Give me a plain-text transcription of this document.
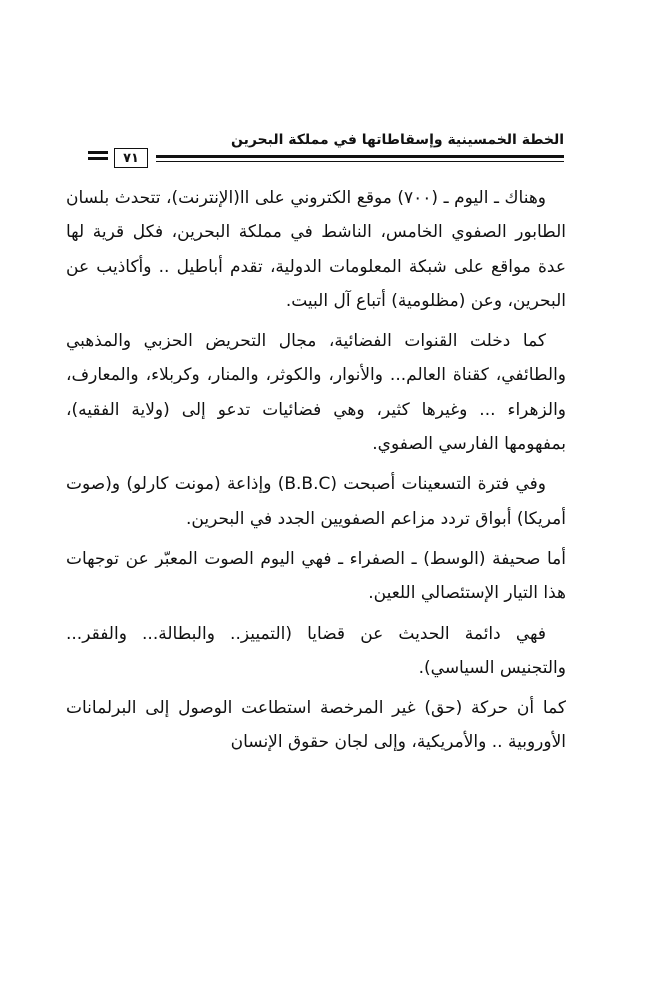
٧١
الخطة الخمسينية وإسقاطاتها في مملكة البحرين

وهناك ـ اليوم ـ (٧٠٠) موقع الكتروني على اا(الإنترنت)، تتحدث بلسان الطابور الصفوي الخامس، الناشط في مملكة البحرين، فكل قرية لها عدة مواقع على شبكة المعلومات الدولية، تقدم أباطيل .. وأكاذيب عن البحرين، وعن (مظلومية) أتباع آل البيت.

كما دخلت القنوات الفضائية، مجال التحريض الحزبي والمذهبي والطائفي، كقناة العالم... والأنوار، والكوثر، والمنار، وكربلاء، والمعارف، والزهراء ... وغيرها كثير، وهي فضائيات تدعو إلى (ولاية الفقيه)، بمفهومها الفارسي الصفوي.

وفي فترة التسعينات أصبحت (B.B.C) وإذاعة (مونت كارلو) و(صوت أمريكا) أبواق تردد مزاعم الصفويين الجدد في البحرين.

أما صحيفة (الوسط) ـ الصفراء ـ فهي اليوم الصوت المعبّر عن توجهات هذا التيار الإستئصالي اللعين.

فهي دائمة الحديث عن قضايا (التمييز.. والبطالة... والفقر... والتجنيس السياسي).

كما أن حركة (حق) غير المرخصة استطاعت الوصول إلى البرلمانات الأوروبية .. والأمريكية، وإلى لجان حقوق الإنسان
